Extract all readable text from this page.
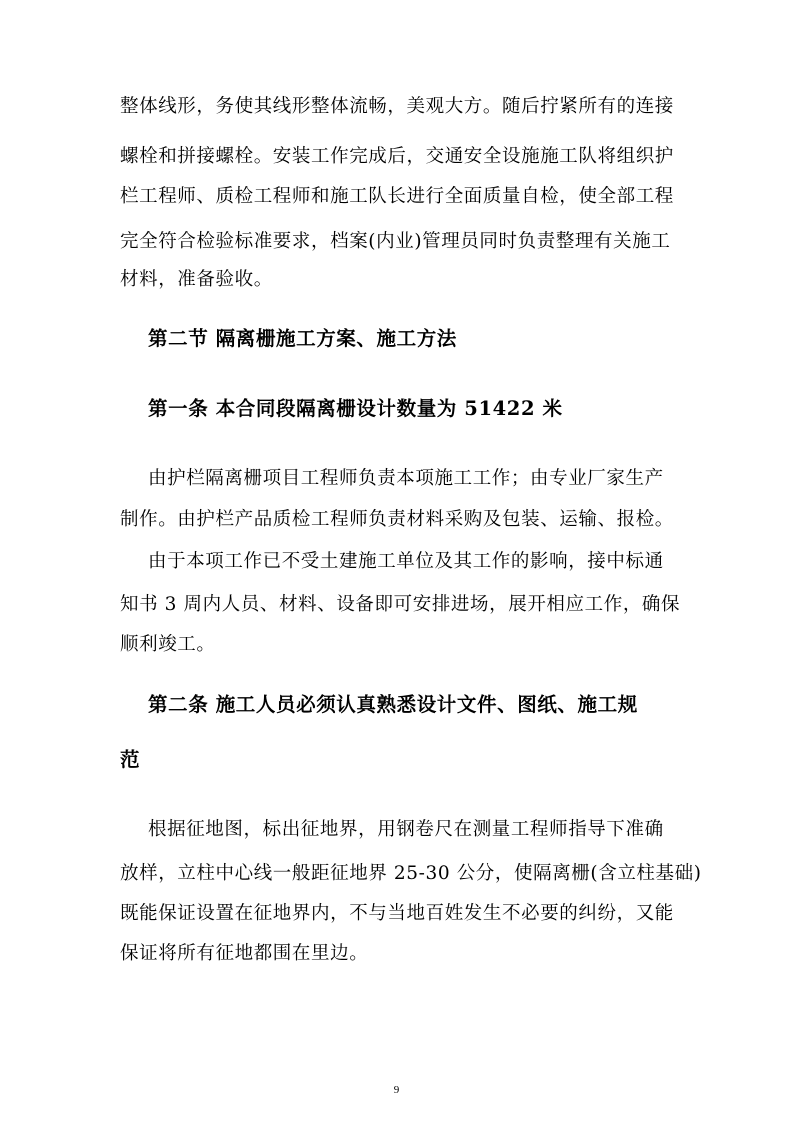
整体线形，务使其线形整体流畅，美观大方。随后拧紧所有的连接
螺栓和拼接螺栓。安装工作完成后，交通安全设施施工队将组织护
栏工程师、质检工程师和施工队长进行全面质量自检，使全部工程
完全符合检验标准要求，档案(内业)管理员同时负责整理有关施工
材料，准备验收。
第二节 隔离栅施工方案、施工方法
第一条 本合同段隔离栅设计数量为 51422 米
由护栏隔离栅项目工程师负责本项施工工作；由专业厂家生产
制作。由护栏产品质检工程师负责材料采购及包装、运输、报检。
由于本项工作已不受土建施工单位及其工作的影响，接中标通
知书 3 周内人员、材料、设备即可安排进场，展开相应工作，确保
顺利竣工。
第二条 施工人员必须认真熟悉设计文件、图纸、施工规
范
根据征地图，标出征地界，用钢卷尺在测量工程师指导下准确
放样，立柱中心线一般距征地界 25-30 公分，使隔离栅(含立柱基础)
既能保证设置在征地界内，不与当地百姓发生不必要的纠纷，又能
保证将所有征地都围在里边。
9
